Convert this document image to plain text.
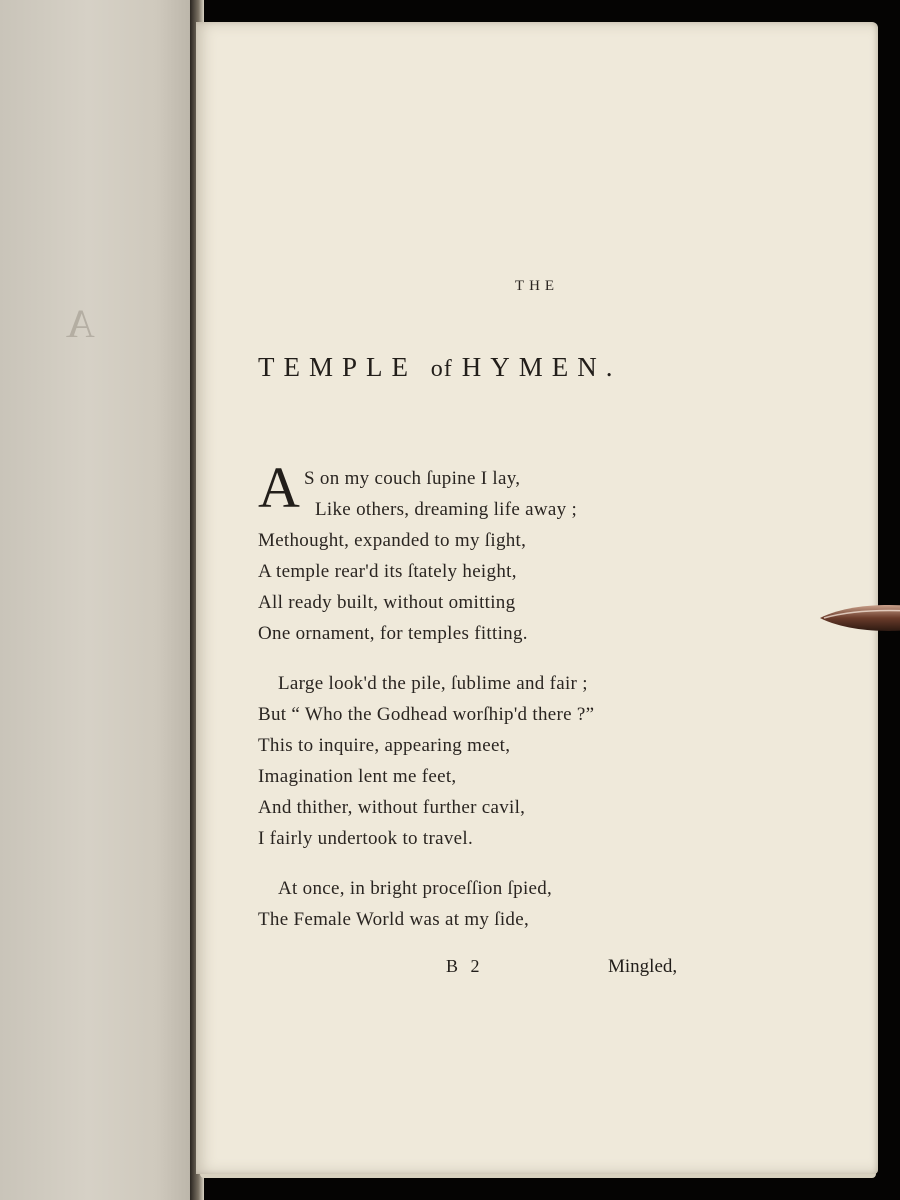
A
THE
TEMPLE of HYMEN.
A S on my couch ſupine I lay,
Like others, dreaming life away ;
Methought, expanded to my ſight,
A temple rear'd its ſtately height,
All ready built, without omitting
One ornament, for temples fitting.
Large look'd the pile, ſublime and fair ;
But “ Who the Godhead worſhip'd there ?”
This to inquire, appearing meet,
Imagination lent me feet,
And thither, without further cavil,
I fairly undertook to travel.
At once, in bright proceſſion ſpied,
The Female World was at my ſide,
B 2	Mingled,
